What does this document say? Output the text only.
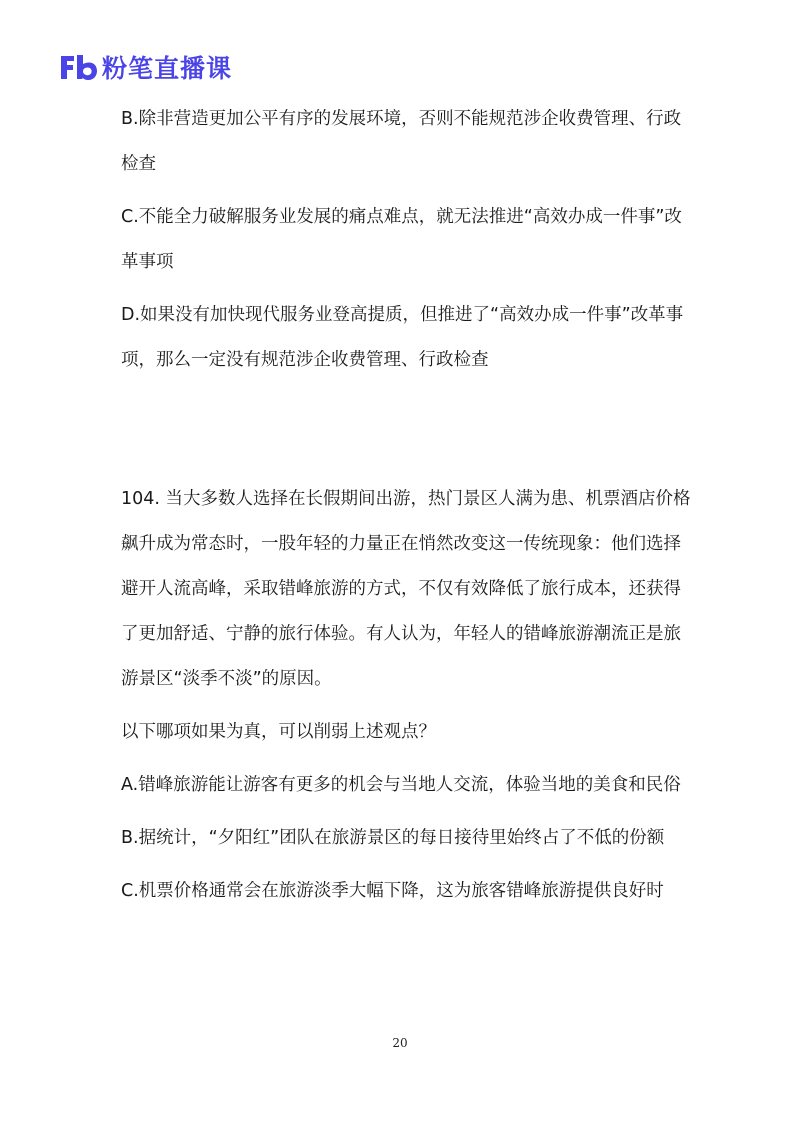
粉笔直播课

B.除非营造更加公平有序的发展环境，否则不能规范涉企收费管理、行政检查

C.不能全力破解服务业发展的痛点难点，就无法推进“高效办成一件事”改革事项

D.如果没有加快现代服务业登高提质，但推进了“高效办成一件事”改革事项，那么一定没有规范涉企收费管理、行政检查

104. 当大多数人选择在长假期间出游，热门景区人满为患、机票酒店价格飙升成为常态时，一股年轻的力量正在悄然改变这一传统现象：他们选择避开人流高峰，采取错峰旅游的方式，不仅有效降低了旅行成本，还获得了更加舒适、宁静的旅行体验。有人认为，年轻人的错峰旅游潮流正是旅游景区“淡季不淡”的原因。

以下哪项如果为真，可以削弱上述观点？

A.错峰旅游能让游客有更多的机会与当地人交流，体验当地的美食和民俗

B.据统计，“夕阳红”团队在旅游景区的每日接待里始终占了不低的份额

C.机票价格通常会在旅游淡季大幅下降，这为旅客错峰旅游提供良好时

20
